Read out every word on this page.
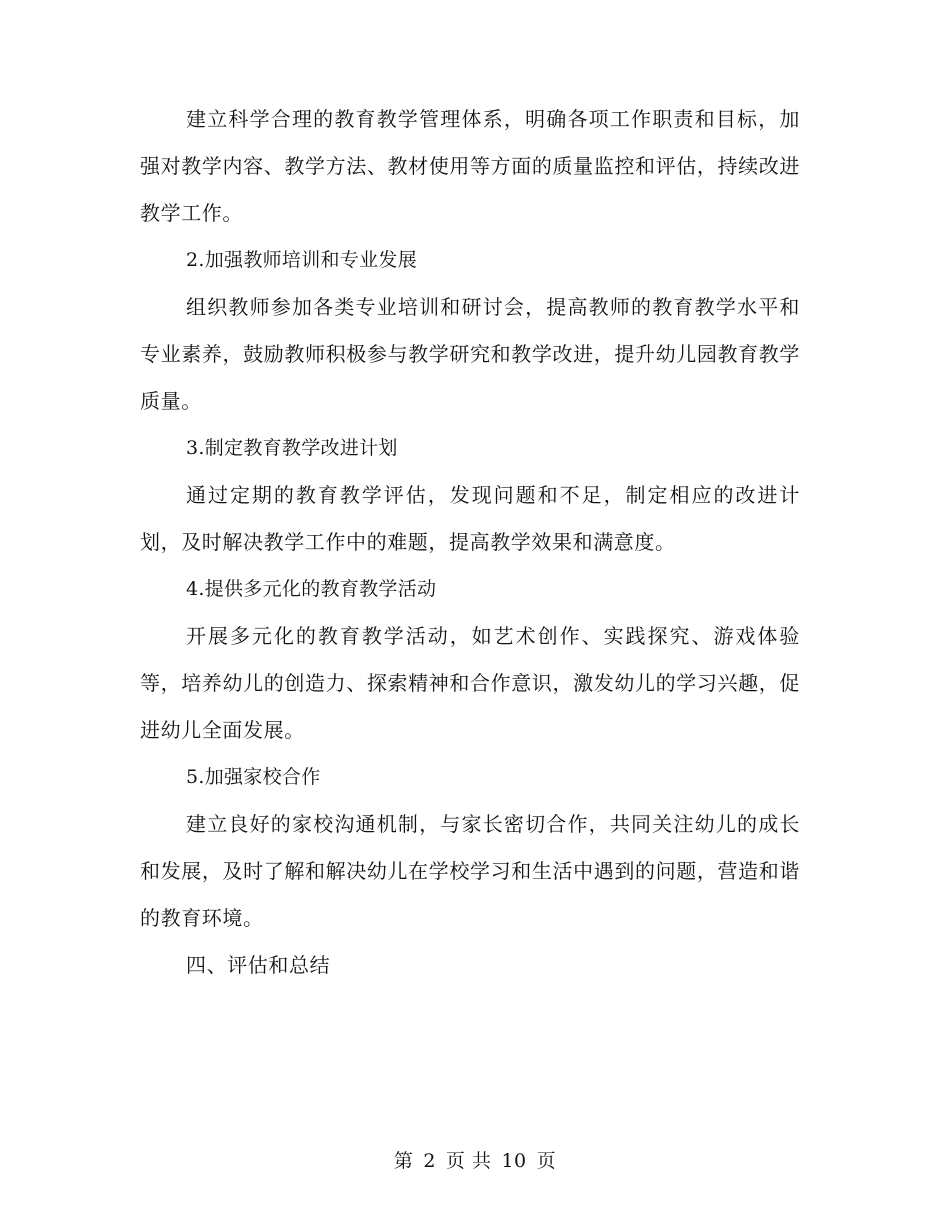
建立科学合理的教育教学管理体系，明确各项工作职责和目标，加强对教学内容、教学方法、教材使用等方面的质量监控和评估，持续改进教学工作。

2.加强教师培训和专业发展

组织教师参加各类专业培训和研讨会，提高教师的教育教学水平和专业素养，鼓励教师积极参与教学研究和教学改进，提升幼儿园教育教学质量。

3.制定教育教学改进计划

通过定期的教育教学评估，发现问题和不足，制定相应的改进计划，及时解决教学工作中的难题，提高教学效果和满意度。

4.提供多元化的教育教学活动

开展多元化的教育教学活动，如艺术创作、实践探究、游戏体验等，培养幼儿的创造力、探索精神和合作意识，激发幼儿的学习兴趣，促进幼儿全面发展。

5.加强家校合作

建立良好的家校沟通机制，与家长密切合作，共同关注幼儿的成长和发展，及时了解和解决幼儿在学校学习和生活中遇到的问题，营造和谐的教育环境。

四、评估和总结

第 2 页 共 10 页
